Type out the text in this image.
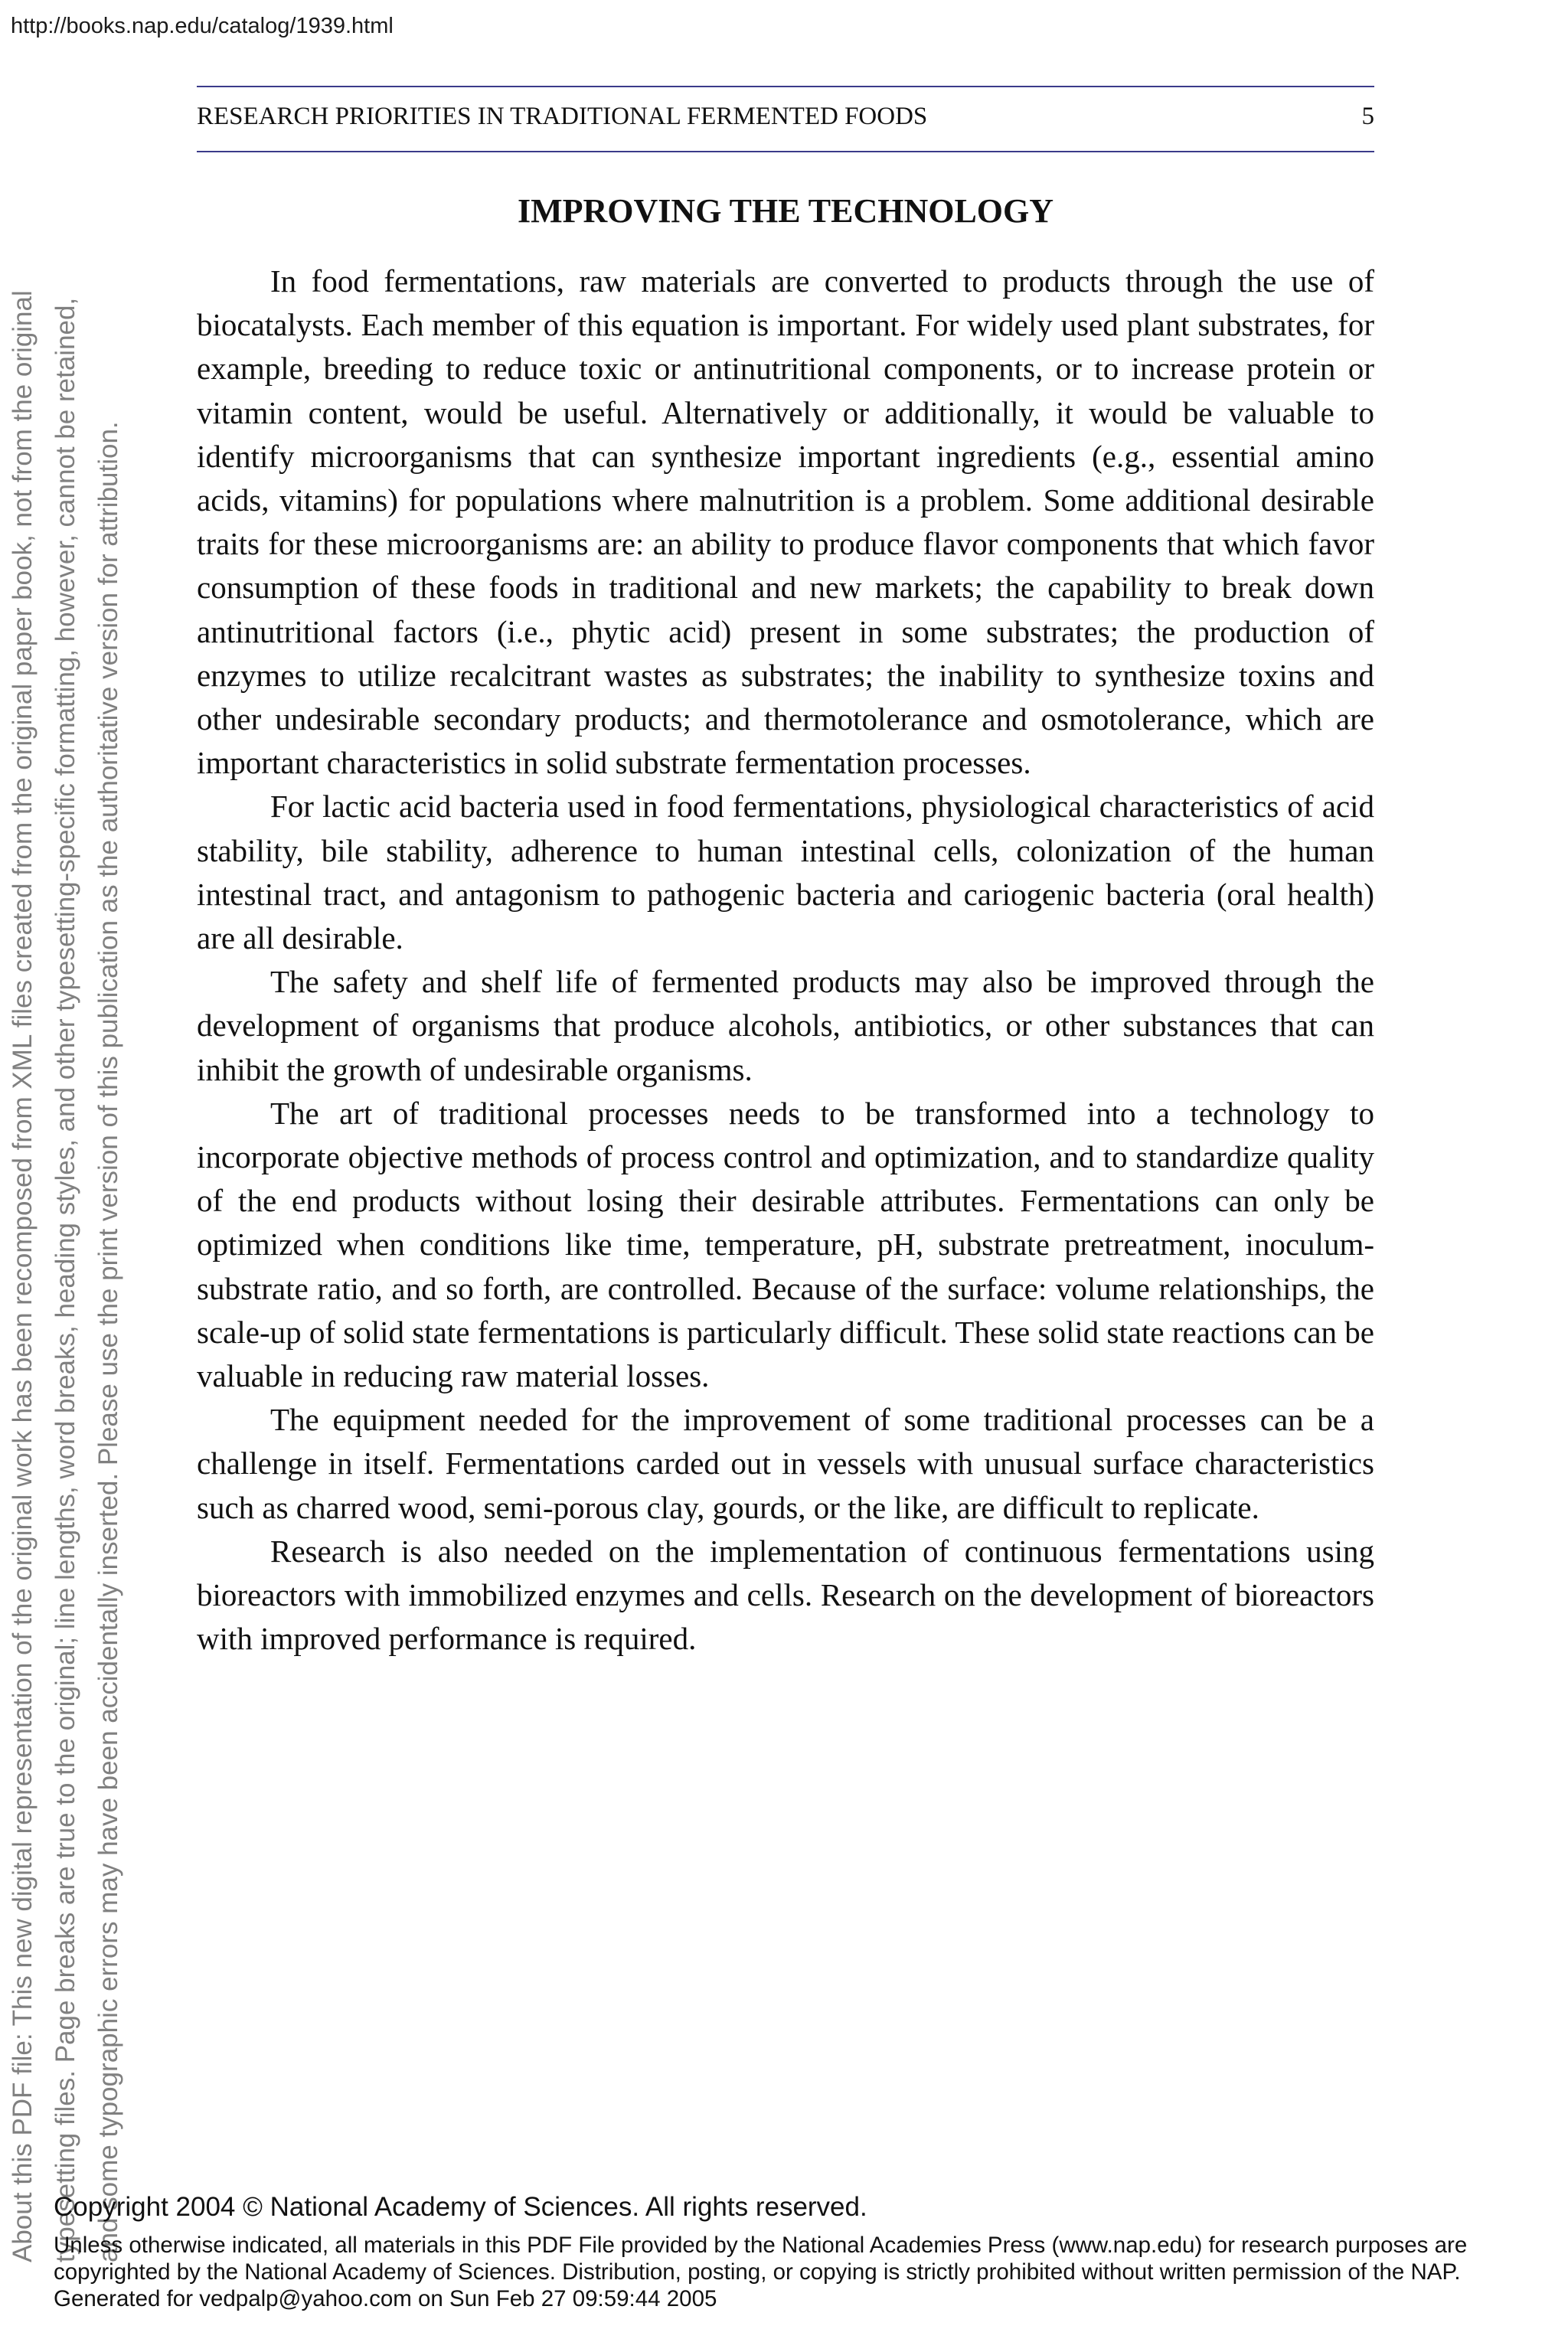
http://books.nap.edu/catalog/1939.html
About this PDF file: This new digital representation of the original work has been recomposed from XML files created from the original paper book, not from the original typesetting files. Page breaks are true to the original; line lengths, word breaks, heading styles, and other typesetting-specific formatting, however, cannot be retained, and some typographic errors may have been accidentally inserted. Please use the print version of this publication as the authoritative version for attribution.
RESEARCH PRIORITIES IN TRADITIONAL FERMENTED FOODS	5
IMPROVING THE TECHNOLOGY

In food fermentations, raw materials are converted to products through the use of biocatalysts. Each member of this equation is important. For widely used plant substrates, for example, breeding to reduce toxic or antinutritional components, or to increase protein or vitamin content, would be useful. Alternatively or additionally, it would be valuable to identify microorganisms that can synthesize important ingredients (e.g., essential amino acids, vitamins) for populations where malnutrition is a problem. Some additional desirable traits for these microorganisms are: an ability to produce flavor components that which favor consumption of these foods in traditional and new markets; the capability to break down antinutritional factors (i.e., phytic acid) present in some substrates; the production of enzymes to utilize recalcitrant wastes as substrates; the inability to synthesize toxins and other undesirable secondary products; and thermotolerance and osmotolerance, which are important characteristics in solid substrate fermentation processes.

For lactic acid bacteria used in food fermentations, physiological characteristics of acid stability, bile stability, adherence to human intestinal cells, colonization of the human intestinal tract, and antagonism to pathogenic bacteria and cariogenic bacteria (oral health) are all desirable.

The safety and shelf life of fermented products may also be improved through the development of organisms that produce alcohols, antibiotics, or other substances that can inhibit the growth of undesirable organisms.

The art of traditional processes needs to be transformed into a technology to incorporate objective methods of process control and optimization, and to standardize quality of the end products without losing their desirable attributes. Fermentations can only be optimized when conditions like time, temperature, pH, substrate pretreatment, inoculum-substrate ratio, and so forth, are controlled. Because of the surface: volume relationships, the scale-up of solid state fermentations is particularly difficult. These solid state reactions can be valuable in reducing raw material losses.

The equipment needed for the improvement of some traditional processes can be a challenge in itself. Fermentations carded out in vessels with unusual surface characteristics such as charred wood, semi-porous clay, gourds, or the like, are difficult to replicate.

Research is also needed on the implementation of continuous fermentations using bioreactors with immobilized enzymes and cells. Research on the development of bioreactors with improved performance is required.

Copyright 2004 © National Academy of Sciences. All rights reserved.
Unless otherwise indicated, all materials in this PDF File provided by the National Academies Press (www.nap.edu) for research purposes are copyrighted by the National Academy of Sciences. Distribution, posting, or copying is strictly prohibited without written permission of the NAP.
Generated for vedpalp@yahoo.com on Sun Feb 27 09:59:44 2005
